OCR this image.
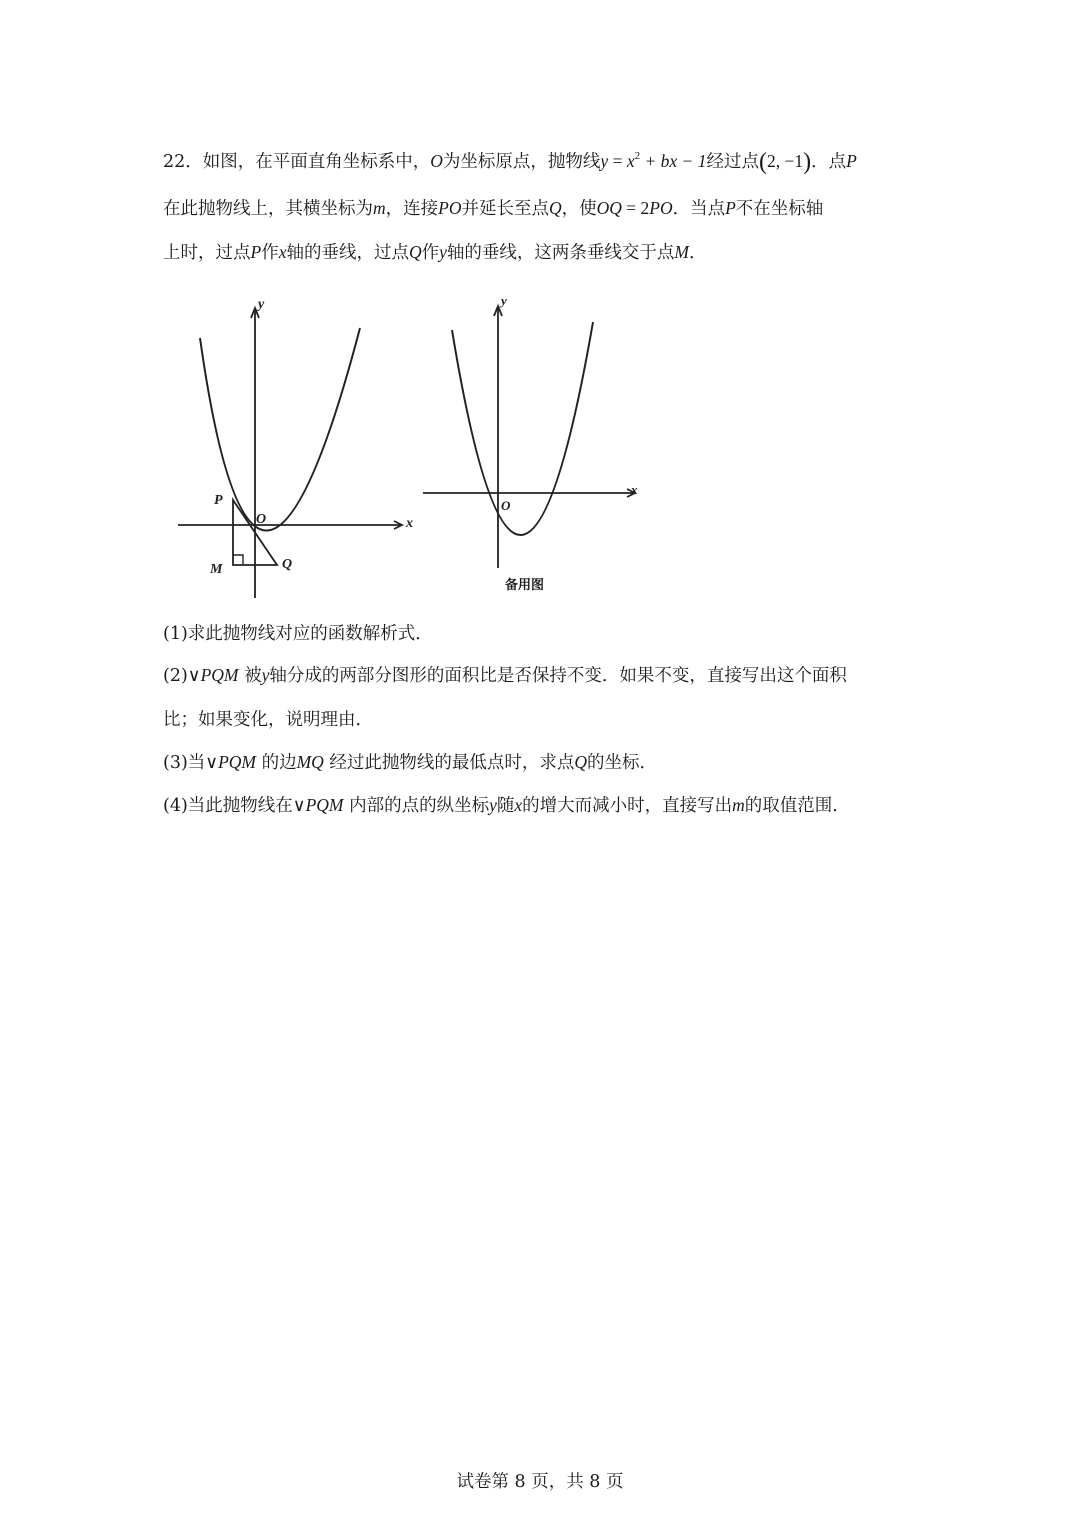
22．如图，在平面直角坐标系中，O为坐标原点，抛物线$y = x^2$ + bx − 1经过点(2, −1)．点P
在此抛物线上，其横坐标为m，连接PO并延长至点Q，使OQ = 2PO．当点P不在坐标轴
上时，过点P作x轴的垂线，过点Q作y轴的垂线，这两条垂线交于点M．
y
x
O
P
M	Q
y
x
O
备用图
(1)求此抛物线对应的函数解析式．
(2)∨PQM 被y轴分成的两部分图形的面积比是否保持不变．如果不变，直接写出这个面积
比；如果变化，说明理由．
(3)当∨PQM 的边MQ 经过此抛物线的最低点时，求点Q的坐标．
(4)当此抛物线在∨PQM 内部的点的纵坐标y随x的增大而减小时，直接写出m的取值范围．
试卷第 8 页，共 8 页
